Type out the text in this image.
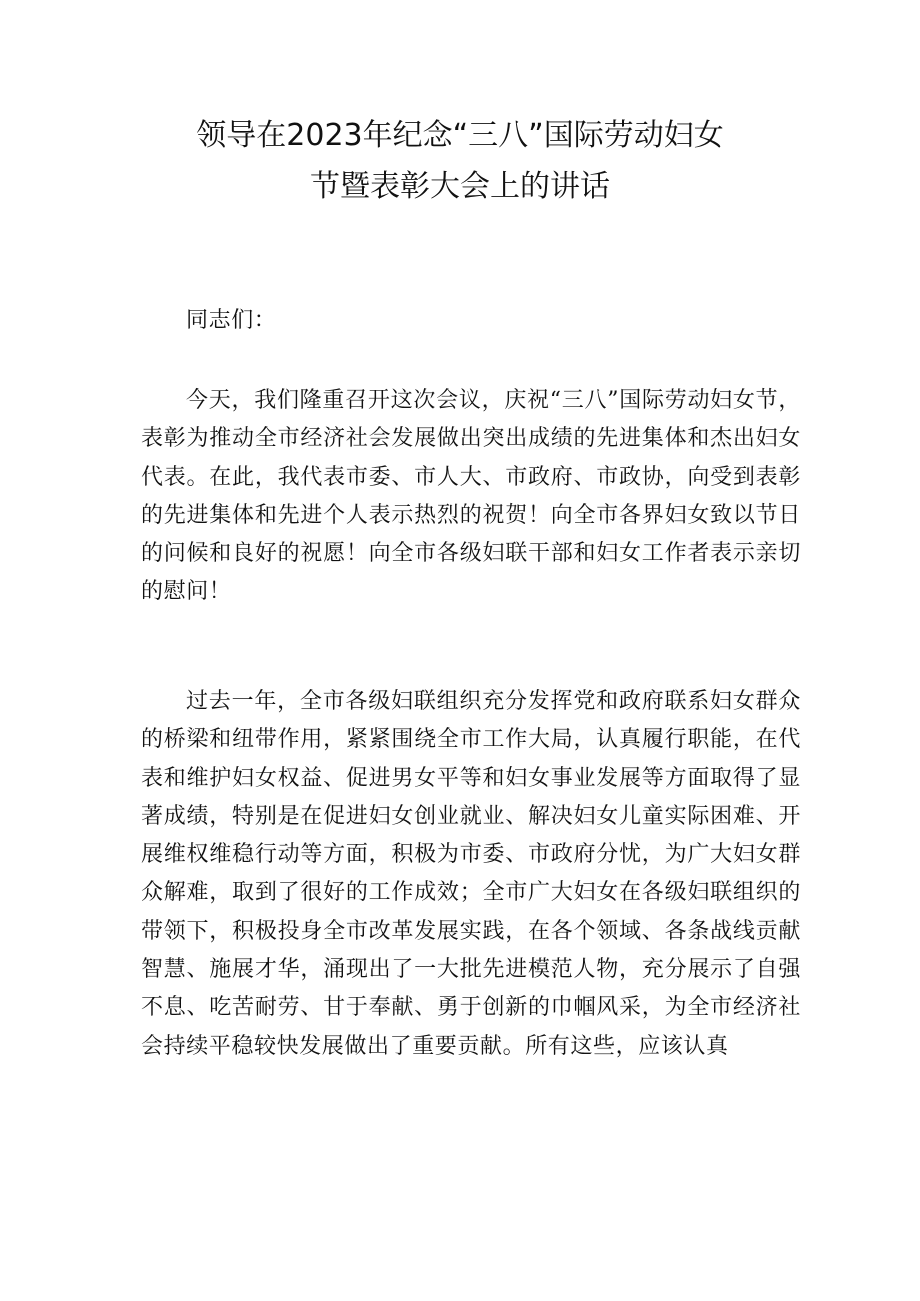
领导在2023年纪念“三八”国际劳动妇女
节暨表彰大会上的讲话

同志们：

今天，我们隆重召开这次会议，庆祝“三八”国际劳动妇女节，表彰为推动全市经济社会发展做出突出成绩的先进集体和杰出妇女代表。在此，我代表市委、市人大、市政府、市政协，向受到表彰的先进集体和先进个人表示热烈的祝贺！向全市各界妇女致以节日的问候和良好的祝愿！向全市各级妇联干部和妇女工作者表示亲切的慰问！

过去一年，全市各级妇联组织充分发挥党和政府联系妇女群众的桥梁和纽带作用，紧紧围绕全市工作大局，认真履行职能，在代表和维护妇女权益、促进男女平等和妇女事业发展等方面取得了显著成绩，特别是在促进妇女创业就业、解决妇女儿童实际困难、开展维权维稳行动等方面，积极为市委、市政府分忧，为广大妇女群众解难，取到了很好的工作成效；全市广大妇女在各级妇联组织的带领下，积极投身全市改革发展实践，在各个领域、各条战线贡献智慧、施展才华，涌现出了一大批先进模范人物，充分展示了自强不息、吃苦耐劳、甘于奉献、勇于创新的巾帼风采，为全市经济社会持续平稳较快发展做出了重要贡献。所有这些，应该认真
